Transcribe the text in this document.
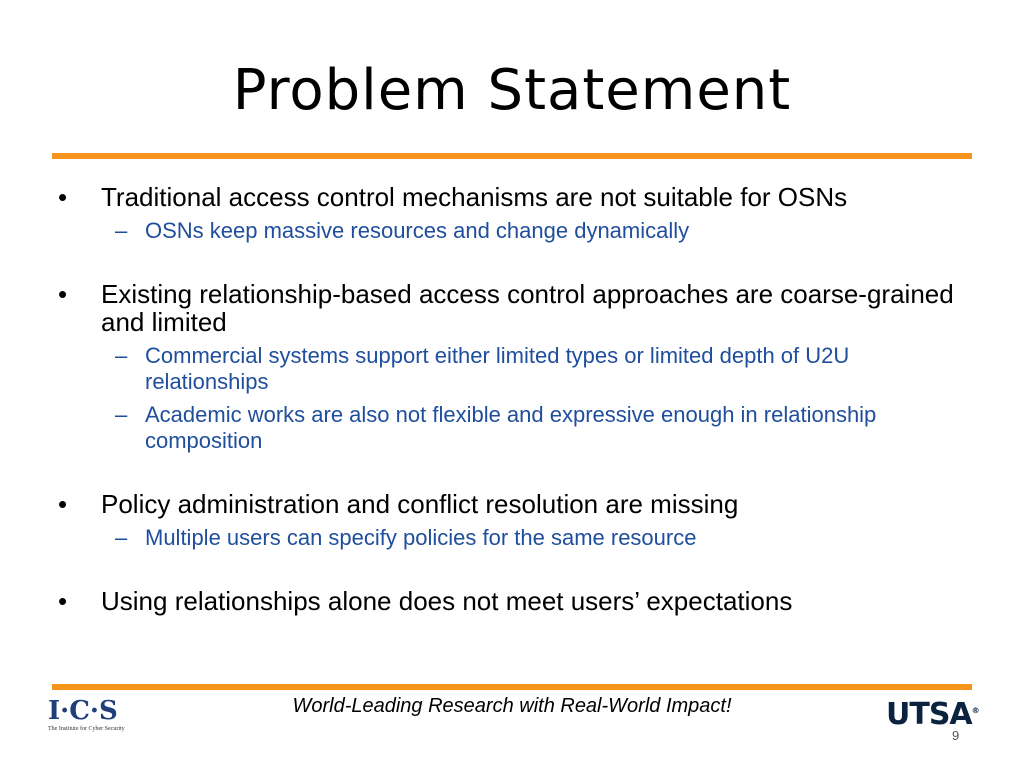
Problem Statement
• Traditional access control mechanisms are not suitable for OSNs
– OSNs keep massive resources and change dynamically
• Existing relationship-based access control approaches are coarse-grained and limited
– Commercial systems support either limited types or limited depth of U2U relationships
– Academic works are also not flexible and expressive enough in relationship composition
• Policy administration and conflict resolution are missing
– Multiple users can specify policies for the same resource
• Using relationships alone does not meet users’ expectations
I·C·S
The Institute for Cyber Security
World-Leading Research with Real-World Impact!	UTSA®
9
